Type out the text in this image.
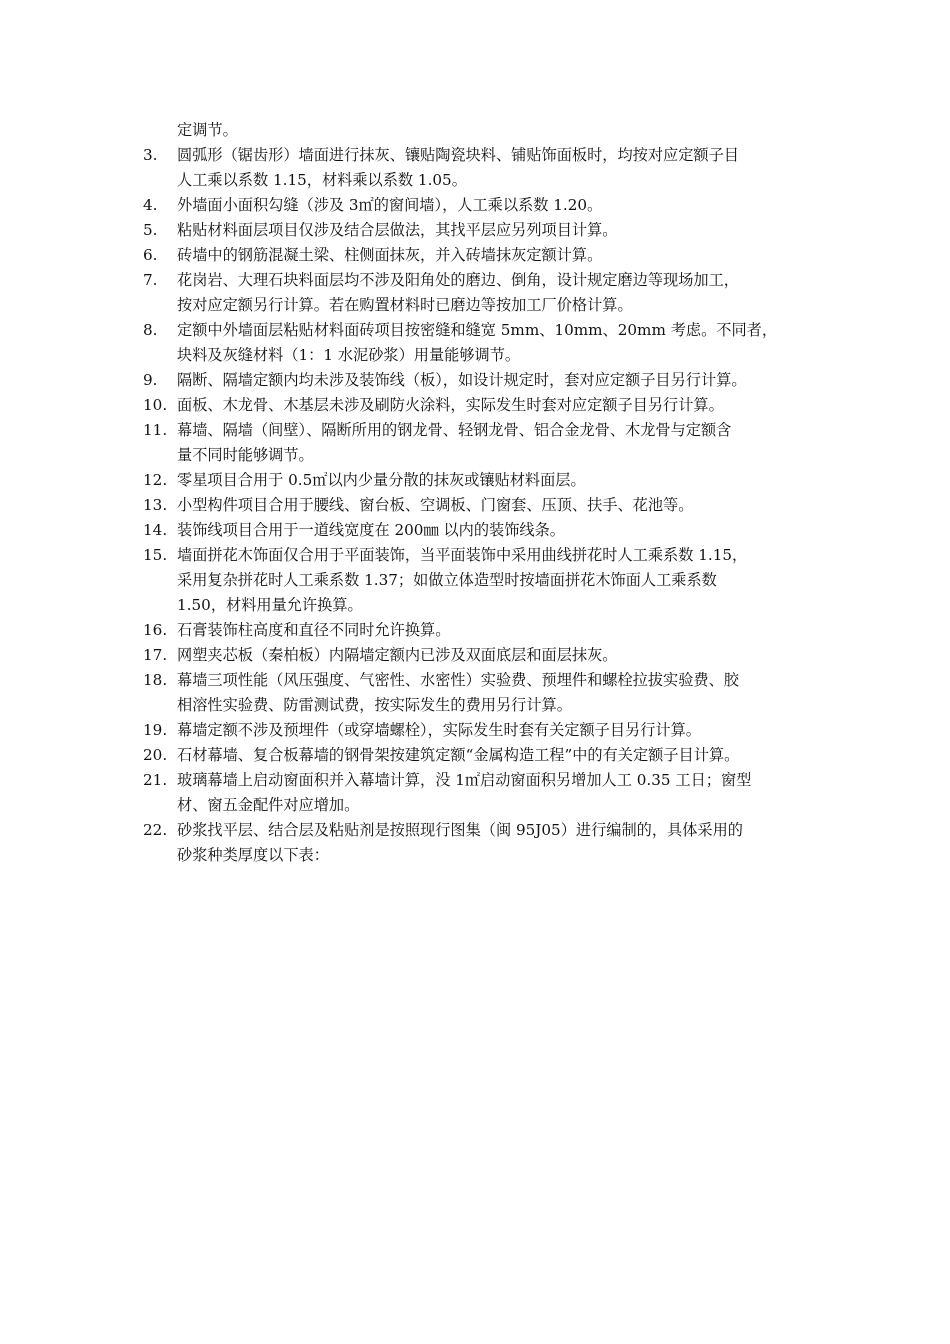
定调节。
3.	圆弧形（锯齿形）墙面进行抹灰、镶贴陶瓷块料、铺贴饰面板时，均按对应定额子目
人工乘以系数 1.15，材料乘以系数 1.05。
4.	外墙面小面积勾缝（涉及 3㎡的窗间墙），人工乘以系数 1.20。
5.	粘贴材料面层项目仅涉及结合层做法，其找平层应另列项目计算。
6.	砖墙中的钢筋混凝土梁、柱侧面抹灰，并入砖墙抹灰定额计算。
7.	花岗岩、大理石块料面层均不涉及阳角处的磨边、倒角，设计规定磨边等现场加工，
按对应定额另行计算。若在购置材料时已磨边等按加工厂价格计算。
8.	定额中外墙面层粘贴材料面砖项目按密缝和缝宽 5mm、10mm、20mm 考虑。不同者，
块料及灰缝材料（1：1 水泥砂浆）用量能够调节。
9.	隔断、隔墙定额内均未涉及装饰线（板），如设计规定时，套对应定额子目另行计算。
10. 面板、木龙骨、木基层未涉及刷防火涂料，实际发生时套对应定额子目另行计算。
11. 幕墙、隔墙（间壁）、隔断所用的钢龙骨、轻钢龙骨、铝合金龙骨、木龙骨与定额含
量不同时能够调节。
12. 零星项目合用于 0.5㎡以内少量分散的抹灰或镶贴材料面层。
13. 小型构件项目合用于腰线、窗台板、空调板、门窗套、压顶、扶手、花池等。
14. 装饰线项目合用于一道线宽度在 200㎜ 以内的装饰线条。
15. 墙面拼花木饰面仅合用于平面装饰，当平面装饰中采用曲线拼花时人工乘系数 1.15，
采用复杂拼花时人工乘系数 1.37；如做立体造型时按墙面拼花木饰面人工乘系数
1.50，材料用量允许换算。
16. 石膏装饰柱高度和直径不同时允许换算。
17. 网塑夹芯板（秦柏板）内隔墙定额内已涉及双面底层和面层抹灰。
18. 幕墙三项性能（风压强度、气密性、水密性）实验费、预埋件和螺栓拉拔实验费、胶
相溶性实验费、防雷测试费，按实际发生的费用另行计算。
19. 幕墙定额不涉及预埋件（或穿墙螺栓），实际发生时套有关定额子目另行计算。
20. 石材幕墙、复合板幕墙的钢骨架按建筑定额“金属构造工程”中的有关定额子目计算。
21. 玻璃幕墙上启动窗面积并入幕墙计算，没 1㎡启动窗面积另增加人工 0.35 工日；窗型
材、窗五金配件对应增加。
22. 砂浆找平层、结合层及粘贴剂是按照现行图集（闽 95J05）进行编制的，具体采用的
砂浆种类厚度以下表：
